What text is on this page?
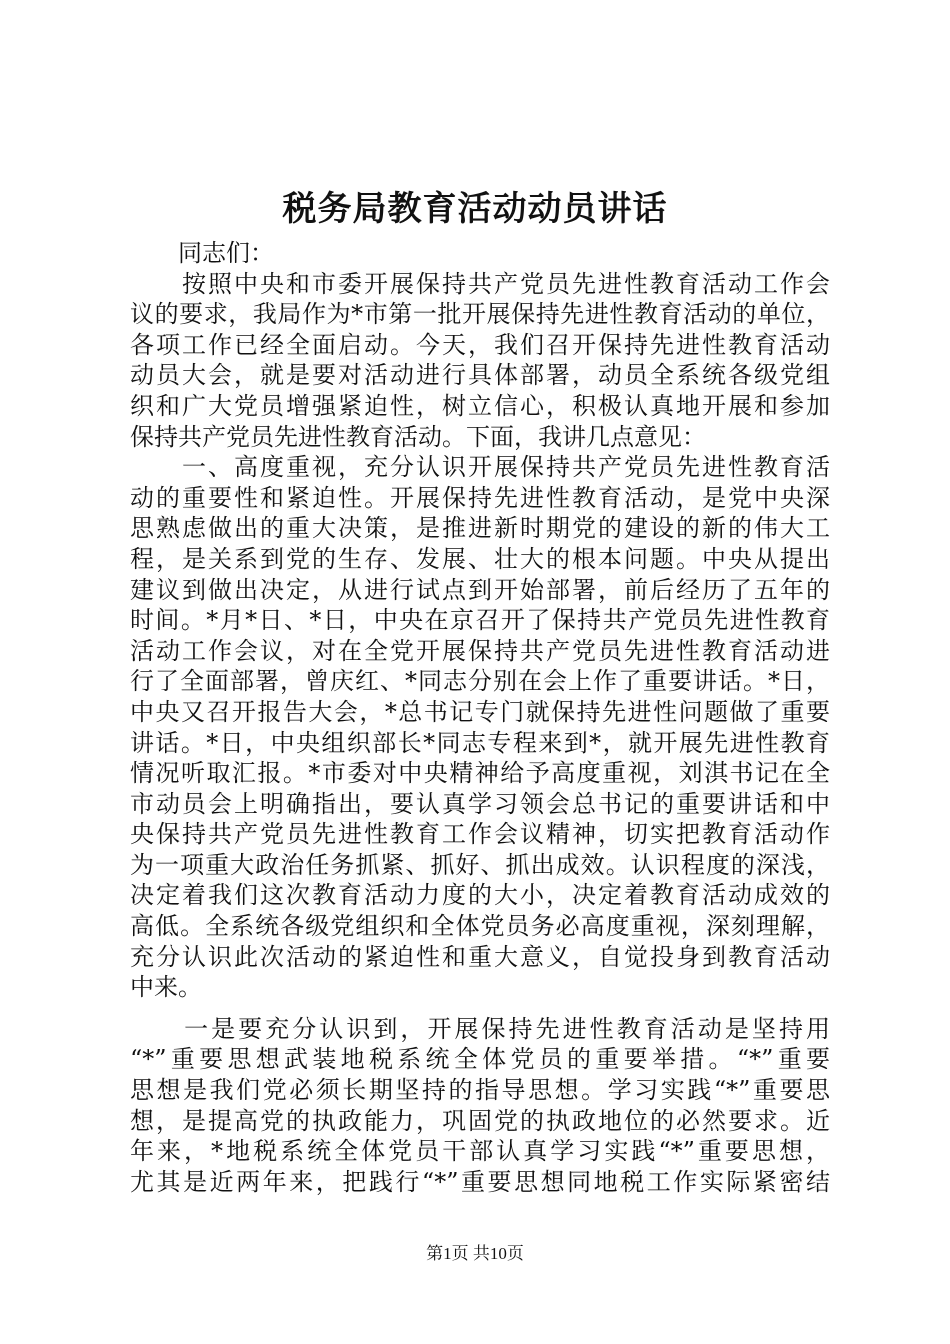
税务局教育活动动员讲话
　　同志们：
　　按照中央和市委开展保持共产党员先进性教育活动工作会
议的要求，我局作为*市第一批开展保持先进性教育活动的单位，
各项工作已经全面启动。今天，我们召开保持先进性教育活动
动员大会，就是要对活动进行具体部署，动员全系统各级党组
织和广大党员增强紧迫性，树立信心，积极认真地开展和参加
保持共产党员先进性教育活动。下面，我讲几点意见：
　　一、高度重视，充分认识开展保持共产党员先进性教育活
动的重要性和紧迫性。开展保持先进性教育活动，是党中央深
思熟虑做出的重大决策，是推进新时期党的建设的新的伟大工
程，是关系到党的生存、发展、壮大的根本问题。中央从提出
建议到做出决定，从进行试点到开始部署，前后经历了五年的
时间。*月*日、*日，中央在京召开了保持共产党员先进性教育
活动工作会议，对在全党开展保持共产党员先进性教育活动进
行了全面部署，曾庆红、*同志分别在会上作了重要讲话。*日，
中央又召开报告大会，*总书记专门就保持先进性问题做了重要
讲话。*日，中央组织部长*同志专程来到*，就开展先进性教育
情况听取汇报。*市委对中央精神给予高度重视，刘淇书记在全
市动员会上明确指出，要认真学习领会总书记的重要讲话和中
央保持共产党员先进性教育工作会议精神，切实把教育活动作
为一项重大政治任务抓紧、抓好、抓出成效。认识程度的深浅，
决定着我们这次教育活动力度的大小，决定着教育活动成效的
高低。全系统各级党组织和全体党员务必高度重视，深刻理解，
充分认识此次活动的紧迫性和重大意义，自觉投身到教育活动
中来。
　　一是要充分认识到，开展保持先进性教育活动是坚持用
“*”重要思想武装地税系统全体党员的重要举措。“*”重要
思想是我们党必须长期坚持的指导思想。学习实践“*”重要思
想，是提高党的执政能力，巩固党的执政地位的必然要求。近
年来，*地税系统全体党员干部认真学习实践“*”重要思想，
尤其是近两年来，把践行“*”重要思想同地税工作实际紧密结
第1页 共10页
